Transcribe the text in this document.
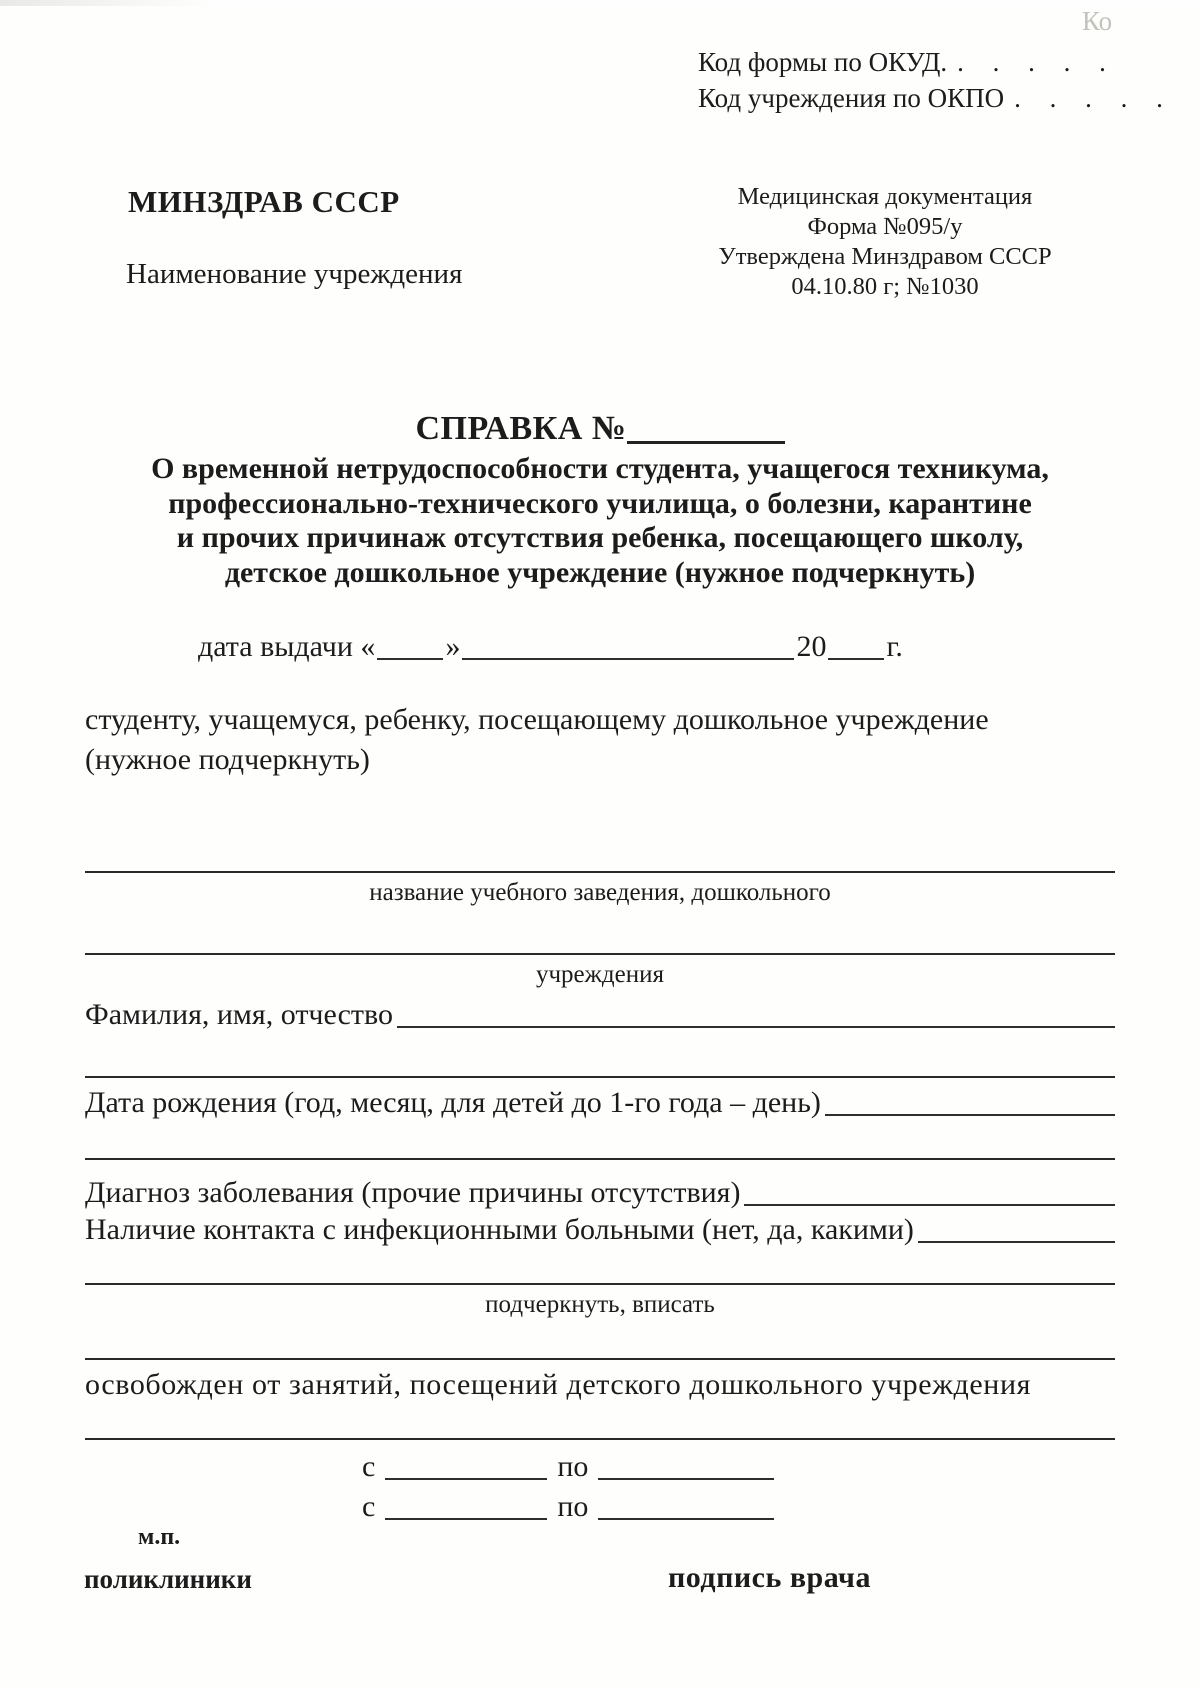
Ко
Код формы по ОКУД. . . . . .
Код учреждения по ОКПО . . . . .
МИНЗДРАВ СССР
Наименование учреждения
Медицинская документация
Форма №095/у
Утверждена Минздравом СССР
04.10.80 г; №1030
СПРАВКА №
О временной нетрудоспособности студента, учащегося техникума,
профессионально-технического училища, о болезни, карантине
и прочих причинаж отсутствия ребенка, посещающего школу,
детское дошкольное учреждение (нужное подчеркнуть)
дата выдачи « »	20 г.
студенту, учащемуся, ребенку, посещающему дошкольное учреждение
(нужное подчеркнуть)
название учебного заведения, дошкольного
учреждения
Фамилия, имя, отчество
Дата рождения (год, месяц, для детей до 1-го года – день)
Диагноз заболевания (прочие причины отсутствия)
Наличие контакта с инфекционными больными (нет, да, какими)
подчеркнуть, вписать
освобожден от занятий, посещений детского дошкольного учреждения
с	по
с	по
м.п.
поликлиники	подпись врача
